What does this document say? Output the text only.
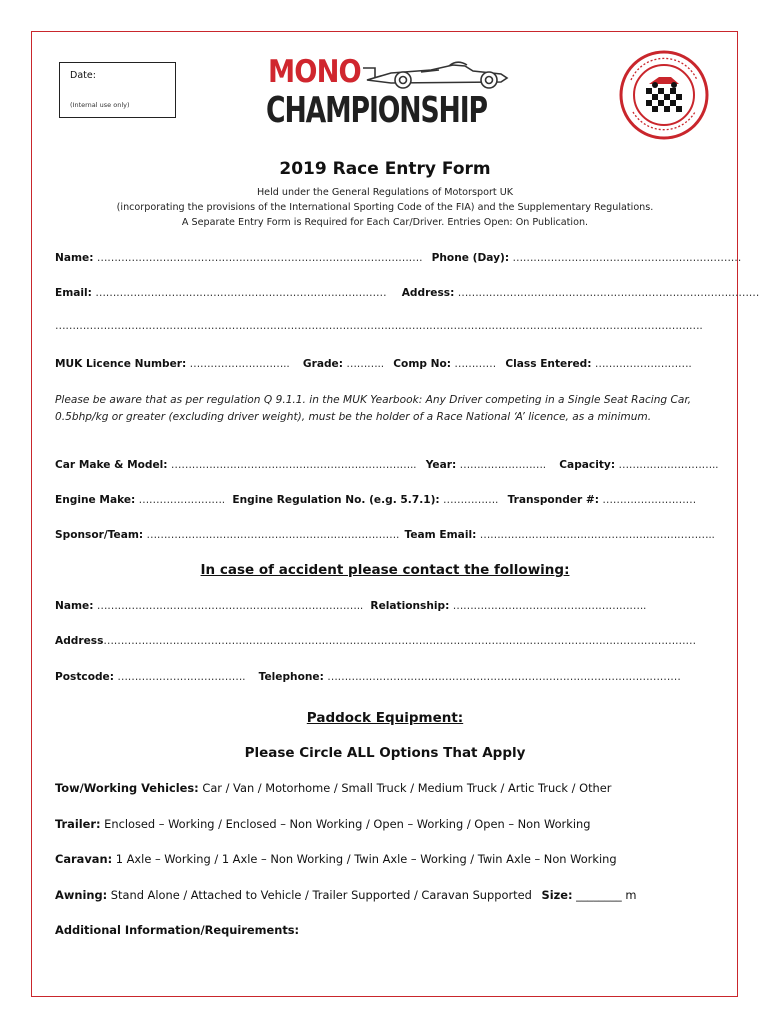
Date:
(Internal use only)
MONO
CHAMPIONSHIP
2019 Race Entry Form
Held under the General Regulations of Motorsport UK
(incorporating the provisions of the International Sporting Code of the FIA) and the Supplementary Regulations.
A Separate Entry Form is Required for Each Car/Driver. Entries Open: On Publication.
Name: …………………………………………………………………………………. Phone (Day): …………………………………………………………
Email: ………………………………………………………………………… Address: ……………………………………………………………………………
…………………………………………………………………………………………………………………………………………………………………….
MUK Licence Number: ……………………….. Grade: ……….. Comp No: ………… Class Entered: ……………………….
Please be aware that as per regulation Q 9.1.1. in the MUK Yearbook: Any Driver competing in a Single Seat Racing Car, 0.5bhp/kg or greater (excluding driver weight), must be the holder of a Race National ‘A’ licence, as a minimum.
Car Make & Model: …………………………………………………………….. Year: ……………………. Capacity: ………………………..
Engine Make: ……………………. Engine Regulation No. (e.g. 5.7.1): ……………. Transponder #: ………………………
Sponsor/Team: ………………………………………………………………. Team Email: …………………………………………………………..
In case of accident please contact the following:
Name: ………………………………………………………………….. Relationship: ………………………………………………..
Address………………………………………………………………………………………………………………………………………………………
Postcode: ………………………………. Telephone: …………………………………………………………………………………………
Paddock Equipment:
Please Circle ALL Options That Apply
Tow/Working Vehicles: Car / Van / Motorhome / Small Truck / Medium Truck / Artic Truck / Other
Trailer: Enclosed – Working / Enclosed – Non Working / Open – Working / Open – Non Working
Caravan: 1 Axle – Working / 1 Axle – Non Working / Twin Axle – Working / Twin Axle – Non Working
Awning: Stand Alone / Attached to Vehicle / Trailer Supported / Caravan Supported Size: ________ m
Additional Information/Requirements:
